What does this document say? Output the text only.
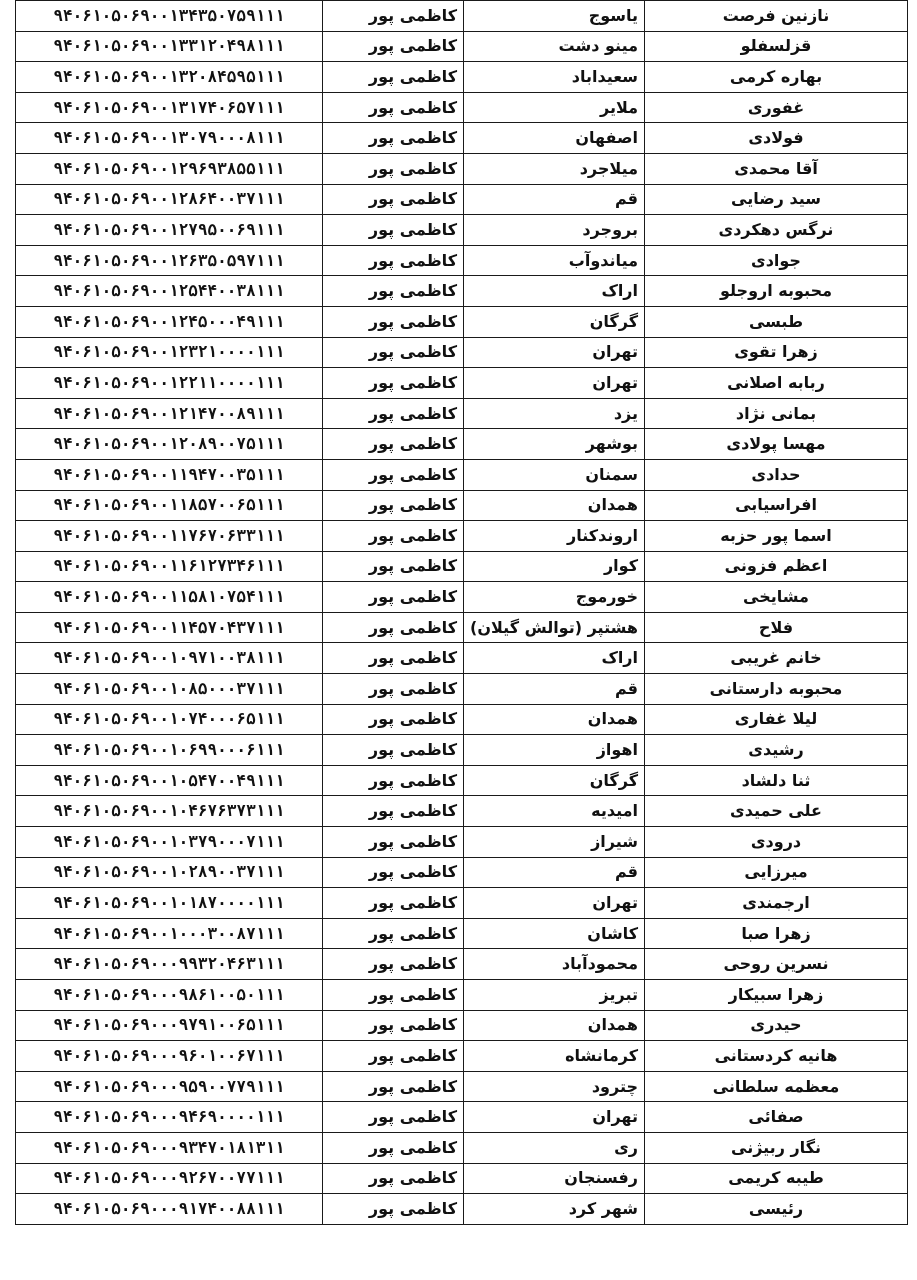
۹۴۰۶۱۰۵۰۶۹۰۰۱۳۴۳۵۰۷۵۹۱۱۱	کاظمی پور	یاسوج	نازنین فرصت
۹۴۰۶۱۰۵۰۶۹۰۰۱۳۳۱۲۰۴۹۸۱۱۱	کاظمی پور	مینو دشت	قزلسفلو
۹۴۰۶۱۰۵۰۶۹۰۰۱۳۲۰۸۴۵۹۵۱۱۱	کاظمی پور	سعیداباد	بهاره کرمی
۹۴۰۶۱۰۵۰۶۹۰۰۱۳۱۷۴۰۶۵۷۱۱۱	کاظمی پور	ملایر	غفوری
۹۴۰۶۱۰۵۰۶۹۰۰۱۳۰۷۹۰۰۰۸۱۱۱	کاظمی پور	اصفهان	فولادی
۹۴۰۶۱۰۵۰۶۹۰۰۱۲۹۶۹۳۸۵۵۱۱۱	کاظمی پور	میلاجرد	آقا محمدی
۹۴۰۶۱۰۵۰۶۹۰۰۱۲۸۶۴۰۰۳۷۱۱۱	کاظمی پور	قم	سید رضایی
۹۴۰۶۱۰۵۰۶۹۰۰۱۲۷۹۵۰۰۶۹۱۱۱	کاظمی پور	بروجرد	نرگس دهکردی
۹۴۰۶۱۰۵۰۶۹۰۰۱۲۶۳۵۰۵۹۷۱۱۱	کاظمی پور	میاندوآب	جوادی
۹۴۰۶۱۰۵۰۶۹۰۰۱۲۵۴۴۰۰۳۸۱۱۱	کاظمی پور	اراک	محبوبه اروجلو
۹۴۰۶۱۰۵۰۶۹۰۰۱۲۴۵۰۰۰۴۹۱۱۱	کاظمی پور	گرگان	طبسی
۹۴۰۶۱۰۵۰۶۹۰۰۱۲۳۲۱۰۰۰۰۱۱۱	کاظمی پور	تهران	زهرا تقوی
۹۴۰۶۱۰۵۰۶۹۰۰۱۲۲۱۱۰۰۰۰۱۱۱	کاظمی پور	تهران	ربابه اصلانی
۹۴۰۶۱۰۵۰۶۹۰۰۱۲۱۴۷۰۰۸۹۱۱۱	کاظمی پور	یزد	بمانی نژاد
۹۴۰۶۱۰۵۰۶۹۰۰۱۲۰۸۹۰۰۷۵۱۱۱	کاظمی پور	بوشهر	مهسا پولادی
۹۴۰۶۱۰۵۰۶۹۰۰۱۱۹۴۷۰۰۳۵۱۱۱	کاظمی پور	سمنان	حدادی
۹۴۰۶۱۰۵۰۶۹۰۰۱۱۸۵۷۰۰۶۵۱۱۱	کاظمی پور	همدان	افراسیابی
۹۴۰۶۱۰۵۰۶۹۰۰۱۱۷۶۷۰۶۳۳۱۱۱	کاظمی پور	اروندکنار	اسما پور حزبه
۹۴۰۶۱۰۵۰۶۹۰۰۱۱۶۱۲۷۳۴۶۱۱۱	کاظمی پور	کوار	اعظم فزونی
۹۴۰۶۱۰۵۰۶۹۰۰۱۱۵۸۱۰۷۵۴۱۱۱	کاظمی پور	خورموج	مشایخی
۹۴۰۶۱۰۵۰۶۹۰۰۱۱۴۵۷۰۴۳۷۱۱۱	کاظمی پور	هشتپر (توالش گیلان)	فلاح
۹۴۰۶۱۰۵۰۶۹۰۰۱۰۹۷۱۰۰۳۸۱۱۱	کاظمی پور	اراک	خانم غریبی
۹۴۰۶۱۰۵۰۶۹۰۰۱۰۸۵۰۰۰۳۷۱۱۱	کاظمی پور	قم	محبوبه دارستانی
۹۴۰۶۱۰۵۰۶۹۰۰۱۰۷۴۰۰۰۶۵۱۱۱	کاظمی پور	همدان	لیلا غفاری
۹۴۰۶۱۰۵۰۶۹۰۰۱۰۶۹۹۰۰۰۶۱۱۱	کاظمی پور	اهواز	رشیدی
۹۴۰۶۱۰۵۰۶۹۰۰۱۰۵۴۷۰۰۴۹۱۱۱	کاظمی پور	گرگان	ثنا دلشاد
۹۴۰۶۱۰۵۰۶۹۰۰۱۰۴۶۷۶۳۷۳۱۱۱	کاظمی پور	امیدیه	علی حمیدی
۹۴۰۶۱۰۵۰۶۹۰۰۱۰۳۷۹۰۰۰۷۱۱۱	کاظمی پور	شیراز	درودی
۹۴۰۶۱۰۵۰۶۹۰۰۱۰۲۸۹۰۰۳۷۱۱۱	کاظمی پور	قم	میرزایی
۹۴۰۶۱۰۵۰۶۹۰۰۱۰۱۸۷۰۰۰۰۱۱۱	کاظمی پور	تهران	ارجمندی
۹۴۰۶۱۰۵۰۶۹۰۰۱۰۰۰۳۰۰۸۷۱۱۱	کاظمی پور	کاشان	زهرا صبا
۹۴۰۶۱۰۵۰۶۹۰۰۰۹۹۳۲۰۴۶۳۱۱۱	کاظمی پور	محمودآباد	نسرین روحی
۹۴۰۶۱۰۵۰۶۹۰۰۰۹۸۶۱۰۰۵۰۱۱۱	کاظمی پور	تبریز	زهرا سبیکار
۹۴۰۶۱۰۵۰۶۹۰۰۰۹۷۹۱۰۰۶۵۱۱۱	کاظمی پور	همدان	حیدری
۹۴۰۶۱۰۵۰۶۹۰۰۰۹۶۰۱۰۰۶۷۱۱۱	کاظمی پور	کرمانشاه	هانیه کردستانی
۹۴۰۶۱۰۵۰۶۹۰۰۰۹۵۹۰۰۷۷۹۱۱۱	کاظمی پور	چترود	معظمه سلطانی
۹۴۰۶۱۰۵۰۶۹۰۰۰۹۴۶۹۰۰۰۰۱۱۱	کاظمی پور	تهران	صفائی
۹۴۰۶۱۰۵۰۶۹۰۰۰۹۳۴۷۰۱۸۱۳۱۱	کاظمی پور	ری	نگار ربیژنی
۹۴۰۶۱۰۵۰۶۹۰۰۰۹۲۶۷۰۰۷۷۱۱۱	کاظمی پور	رفسنجان	طیبه کریمی
۹۴۰۶۱۰۵۰۶۹۰۰۰۹۱۷۴۰۰۸۸۱۱۱	کاظمی پور	شهر کرد	رئیسی
